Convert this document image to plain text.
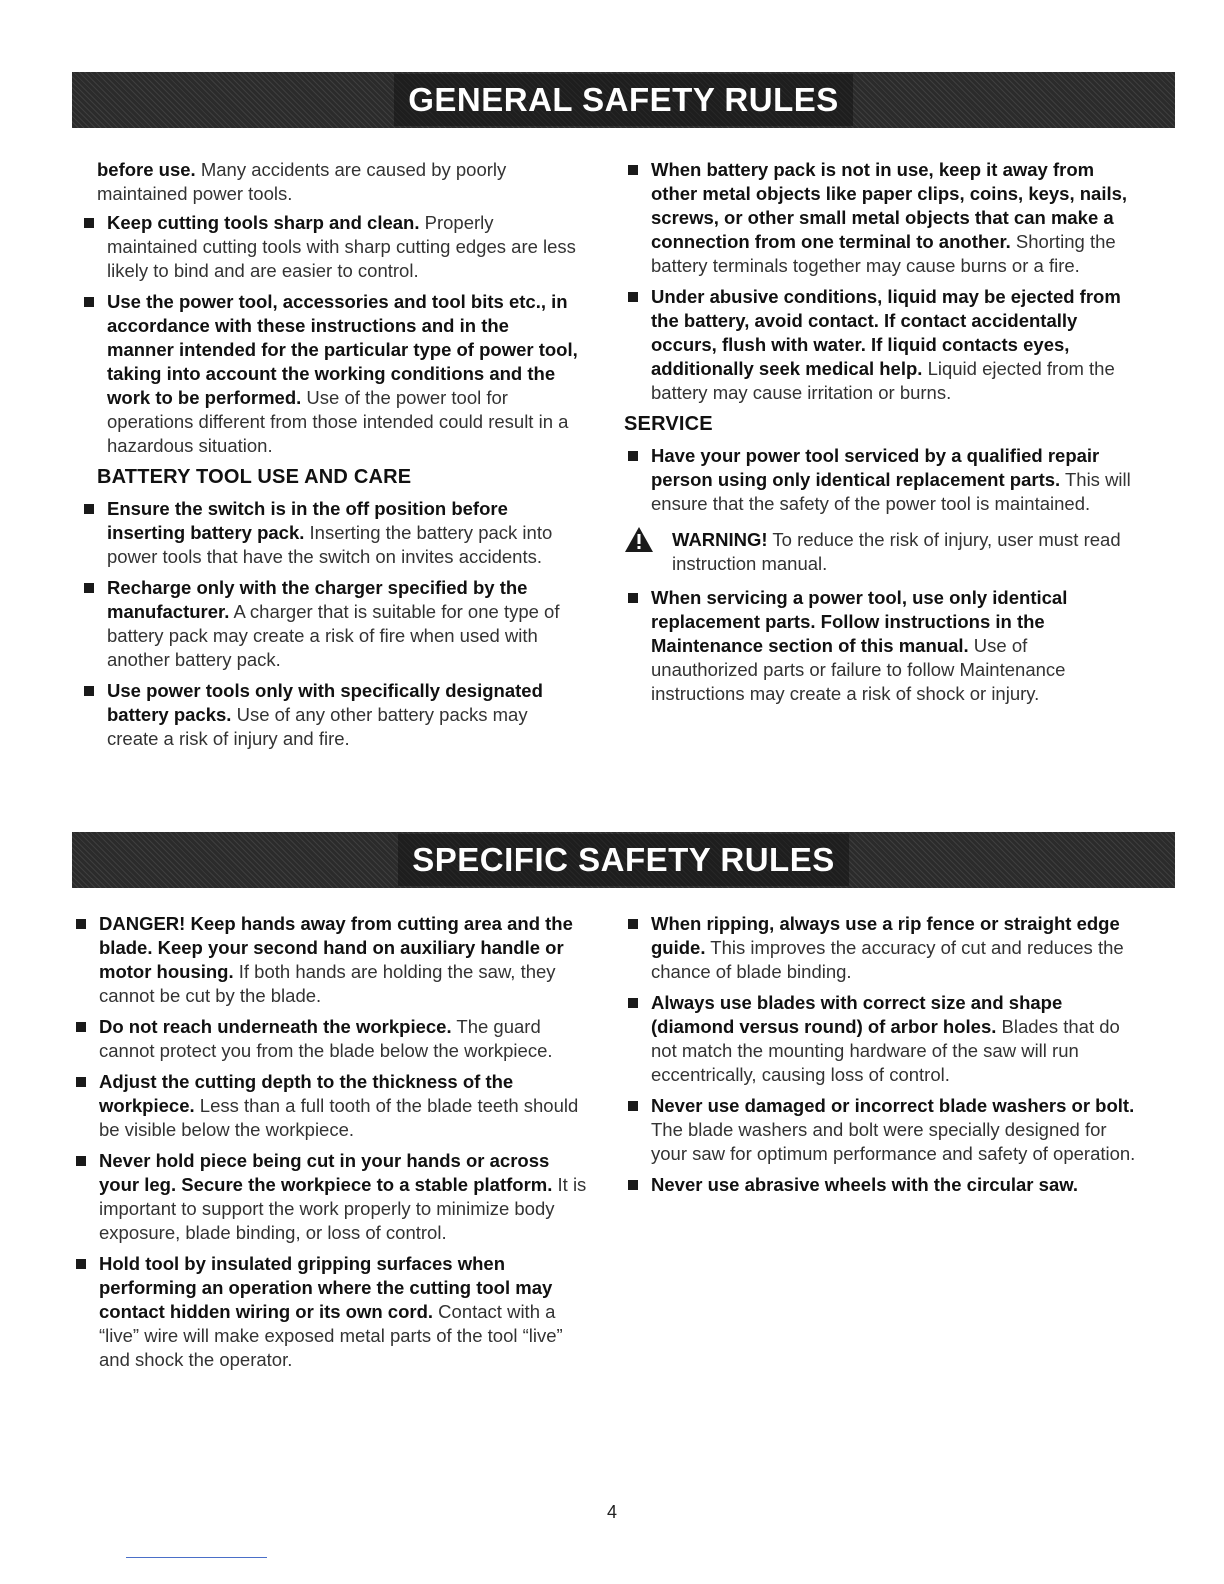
GENERAL SAFETY RULES
before use. Many accidents are caused by poorly maintained power tools.
Keep cutting tools sharp and clean. Properly maintained cutting tools with sharp cutting edges are less likely to bind and are easier to control.
Use the power tool, accessories and tool bits etc., in accordance with these instructions and in the manner intended for the particular type of power tool, taking into account the working conditions and the work to be performed. Use of the power tool for operations different from those intended could result in a hazardous situation.
BATTERY TOOL USE AND CARE
Ensure the switch is in the off position before inserting battery pack. Inserting the battery pack into power tools that have the switch on invites accidents.
Recharge only with the charger specified by the manufacturer. A charger that is suitable for one type of battery pack may create a risk of fire when used with another battery pack.
Use power tools only with specifically designated battery packs. Use of any other battery packs may create a risk of injury and fire.
When battery pack is not in use, keep it away from other metal objects like paper clips, coins, keys, nails, screws, or other small metal objects that can make a connection from one terminal to another. Shorting the battery terminals together may cause burns or a fire.
Under abusive conditions, liquid may be ejected from the battery, avoid contact. If contact accidentally occurs, flush with water. If liquid contacts eyes, additionally seek medical help. Liquid ejected from the battery may cause irritation or burns.
SERVICE
Have your power tool serviced by a qualified repair person using only identical replacement parts. This will ensure that the safety of the power tool is maintained.
WARNING! To reduce the risk of injury, user must read instruction manual.
When servicing a power tool, use only identical replacement parts. Follow instructions in the Maintenance section of this manual. Use of unauthorized parts or failure to follow Maintenance instructions may create a risk of shock or injury.
SPECIFIC SAFETY RULES
DANGER! Keep hands away from cutting area and the blade. Keep your second hand on auxiliary handle or motor housing. If both hands are holding the saw, they cannot be cut by the blade.
Do not reach underneath the workpiece. The guard cannot protect you from the blade below the workpiece.
Adjust the cutting depth to the thickness of the workpiece. Less than a full tooth of the blade teeth should be visible below the workpiece.
Never hold piece being cut in your hands or across your leg. Secure the workpiece to a stable platform. It is important to support the work properly to minimize body exposure, blade binding, or loss of control.
Hold tool by insulated gripping surfaces when performing an operation where the cutting tool may contact hidden wiring or its own cord. Contact with a “live” wire will make exposed metal parts of the tool “live” and shock the operator.
When ripping, always use a rip fence or straight edge guide. This improves the accuracy of cut and reduces the chance of blade binding.
Always use blades with correct size and shape (diamond versus round) of arbor holes. Blades that do not match the mounting hardware of the saw will run eccentrically, causing loss of control.
Never use damaged or incorrect blade washers or bolt. The blade washers and bolt were specially designed for your saw for optimum performance and safety of operation.
Never use abrasive wheels with the circular saw.
4
